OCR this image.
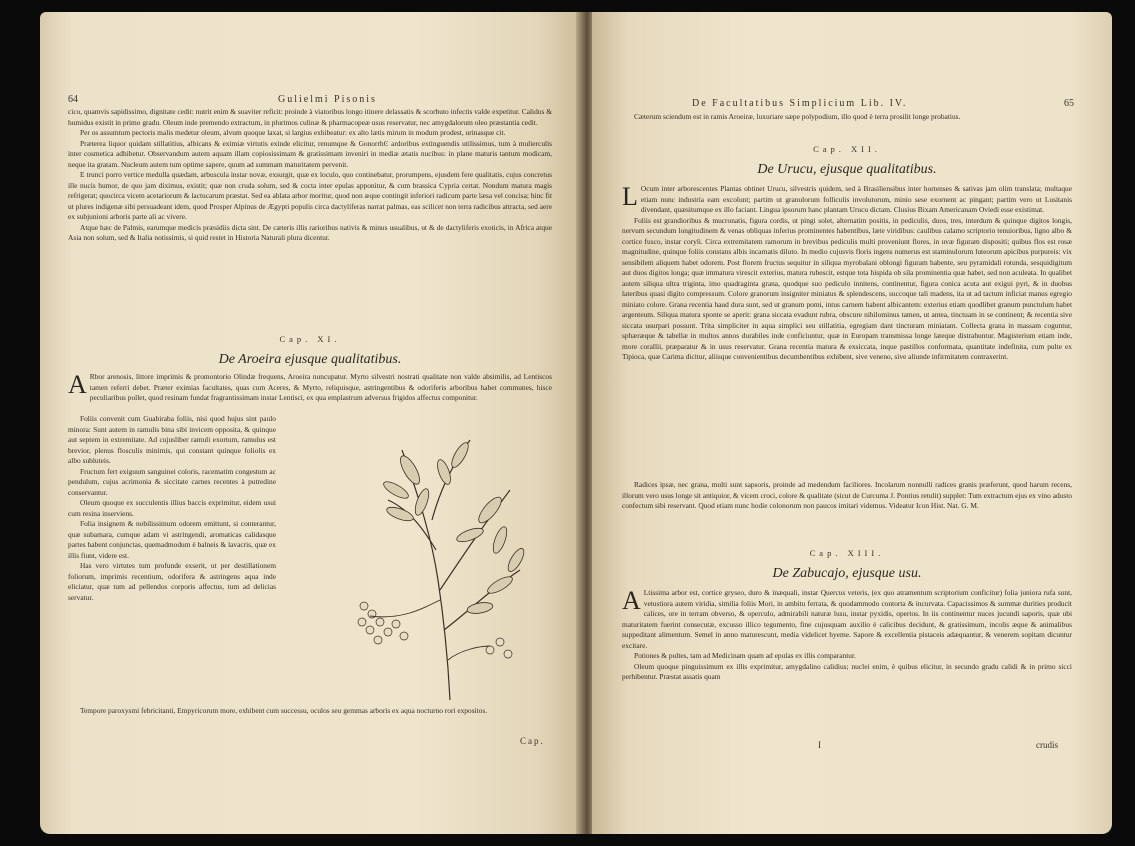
64	Gulielmi Pisonis
cico, quamvis sapidissimo, dignitate cedit: nutrit enim & suaviter reficit: proinde à viatoribus longo itinere delassatis & scorbuto infectis valde expetitur. Calidus & humidus existit in primo gradu. Oleum inde premendo extractum, in plurimos culinæ & pharmacopeæ usus reservatur, nec amygdalorum oleo præstantia cedit.
Per os assumtum pectoris malis medetur oleum, alvum quoque laxat, si largius exhibeatur: ex alto lætis mirum in modum prodest, urinasque cit.
Præterea liquor quidam stillatitius, albicans & eximiæ virtutis exinde elicitur, renumque & GonorrhϾ ardoribus extinguendis utilissimus, tum à mulierculis inter cosmetica adhibetur. Observandum autem aquam illam copiosissimam & gratissimam inveniri in mediæ ætatis nucibus: in plane maturis tantum modicam, neque ita gratam. Nucleum autem tum optime sapere, quum ad summam maturitatem pervenit.
E trunci porro vertice medulla quædam, arbuscula instar novæ, exsurgit, quæ ex loculo, quo continebatur, prorumpens, ejusdem fere qualitatis, cujus concretus ille nucis humor, de quo jam diximus, existit; quæ non cruda solum, sed & cocta inter epulas apponitur, & cum brassica Cypria certat. Nondum matura magis refrigerat; quocirca vicem acetariorum & lactucarum præstat. Sed ea ablata arbor moritur, quod non æque contingit inferiori radicum parte læsa vel concisa; hinc fit ut plures indigenæ sibi persuadeant idem, quod Prosper Alpinus de Ægypti populis circa dactyliferas narrat palmas, eas scilicet non terra radicibus attracta, sed aere ex subjunioni arboris parte ali ac vivere.
Atque hæc de Palmis, earumque medicis præsidiis dicta sint. De cæteris illis rarioribus nativis & minus usualibus, ut & de dactyliferis exoticis, in Africa atque Asia non solum, sed & Italia notissimis, si quid restet in Historia Naturali plura dicentur.
Cap. XI.
De Aroeira ejusque qualitatibus.
A Rbor arenosis, littore imprimis & promontorio Olindæ frequens, Aroeira nuncupatur. Myrto silvestri nostrati qualitate non valde absimilis, ad Lentiscos tamen referri debet. Præter eximias facultates, quas cum Aceres, & Myrto, reliquisque, astringentibus & odoriferis arboribus habet communes, hisce peculiaribus pollet, quod resinam fundat fragrantissimam instar Lentisci, ex qua emplastrum adversus frigidos affectus componitur.
Foliis convenit cum Guabiraba foliis, nisi quod hujus sint paulo minora: Sunt autem in ramulis bina sibi invicem opposita, & quinque aut septem in extremitate. Ad cujusliber ramuli exortum, ramulus est brevior, plenus flosculis minimis, qui constant quinque foliolis ex albo subluteis.
Fructum fert exiguum sanguinei coloris, racematim congestum ac pendulum, cujus acrimonia & siccitate carnes recentes à putredine conservantur.
Oleum quoque ex succulentis illius baccis exprimitur, eidem usui cum resina inserviens.
Folia insignem & nobilissimum odorem emittunt, si conterantur, quæ subamara, cumque adam vi astringendi, aromaticas calidasque partes habent conjunctas, quemadmodum è balneis & lavacris, quæ ex illis fiunt, videre est.
Has vero virtutes tum profunde exserit, ut per destillationem foliorum, imprimis recentium, odorifera & astringens aqua inde eliciatur, quæ tum ad pellendos corporis affectus, tum ad delicias servatur.
Tempore paroxysmi febricitanti, Empyricorum more, exhibent cum successu, oculos seu gemmas arboris ex aqua nocturno rori expositos.
Cap.
De Facultatibus Simplicium Lib. IV.	65
Cæterum sciendum est in ramis Aroeiræ, luxuriare sæpe polypodium, illo quod è terra prosilit longe probatius.
Cap. XII.
De Urucu, ejusque qualitatibus.
L Ocum inter arborescentes Plantas obtinet Urucu, silvestris quidem, sed à Brasiliensibus inter hortenses & sativas jam olim translata; multaque etiam nunc industria eam excolunt; partim ut granulorum folliculis involutorum, minio sese exornent ac pingant; partim vero ut Lusitanis divendant, quæsitumque ex illo faciant. Lingua ipsorum hanc plantam Urucu dictam. Clusius Bixam Americanam Oviedi esse existimat.
Foliis est grandioribus & mucronatis, figura cordis, ut pingi solet, alternatim positis, in pediculis, duos, tres, interdum & quinque digitos longis, nervum secundum longitudinem & venas obliquas inferius prominentes habentibus, læte viridibus: caulibus calamo scriptorio tenuioribus, ligno albo & cortice fusco, instar coryli. Circa extremitatem ramorum in brevibus pediculis multi proveniunt flores, in uvæ figuram dispositi; quibus flos est rosæ magnitudine, quinque foliis constans albis incarnatis diluto. In medio cujusvis floris ingens numerus est staminulorum luteorum apicibus purpureis: vix sensibilem aliquem habet odorem. Post florem fructus sequitur in siliqua myrobalani oblongi figuram habente, seu pyramidali rotunda, sesquidigitum aut duos digitos longa; quæ immatura virescit exterius, matura rubescit, estque tota hispida ob sila prominentia quæ habet, sed non aculeata. In qualibet autem siliqua ultra triginta, imo quadraginta grana, quodque suo pediculo innitens, continentur, figura conica acuta aut exigui pyri, & in duobus lateribus quasi digito compressum. Colore granorum insigniter miniatus & splendescens, succoque tali madens, ita ut ad tactum inficiat manus egregio miniato colore. Grana recentia haud dura sunt, sed ut granum pomi, intus carnem habent albicantem: exterius etiam quodlibet granum punctulum habet argenteum. Siliqua matura sponte se aperit: grana siccata evadunt rubra, obscure nihilominus tamen, ut antea, tinctuam in se continent; & recentia sive siccata usurpari possunt. Trita simpliciter in aqua simplici seu stillatitia, egregiam dant tincturam miniatam. Collecta grana in massam coguntur, sphæræque & tabellæ in multos annos durabiles inde conficiuntur, quæ in Europam transmissa longe lateque distrahuntur. Magisterium etiam inde, more corallii, præparatur & in usus reservatur. Grana recentia matura & exsiccata, inque pastillos conformata, quantitate indefinita, cum pulte ex Tipioca, quæ Carima dicitur, aliisque convenientibus decumbentibus exhibent, sive veneno, sive aliunde infirmitatem contraxerint.
Radices ipsæ, nec grana, multi sunt sapsoris, proinde ad medendum faciliores. Incolarum nonnulli radices granis præferunt, quod harum recens, illorum vero usus longe sit antiquior, & vicem croci, colore & qualitate (sicut de Curcuma J. Pontius retulit) supplet: Tum extractum ejus ex vino adusto confectum sibi reservant. Quod etiam nunc hodie colonorum non paucos imitari videmus. Videatur Icon Hist. Nat. G. M.
Cap. XIII.
De Zabucajo, ejusque usu.
A Ltissima arbor est, cortice gryseo, duro & inæquali, instar Quercus veteris, (ex quo atramentum scriptorium conficitur) folia juniora rufa sunt, vetustiora autem viridia, similia foliis Mori, in ambitu ferrata, & quodammodo contorta & incurvata. Capacissimos & summæ durities producit calices, ore in terram obverso, & operculo, admirabili naturæ lusu, instar pyxidis, opertos. In iis continentur nuces jucundi saporis, quæ ubi maturitatem fuerint consecutæ, excusso illico tegumento, fine cujusquam auxilio è calicibus decidunt, & gratissimum, incolis æque & animalibus suppeditant alimentum. Semel in anno maturescunt, media videlicet hyeme. Sapore & excellentia pistaceis adæquantur, & venerem sopitam dicuntur excitare.
Potiones & pultes, tam ad Medicinam quam ad epulas ex illis comparantur.
Oleum quoque pinguissimum ex illis exprimitur, amygdalino calidius; nuclei enim, è quibus elicitur, in secundo gradu calidi & in primo sicci perhibentur. Præstat assatis quam
I	crudis
